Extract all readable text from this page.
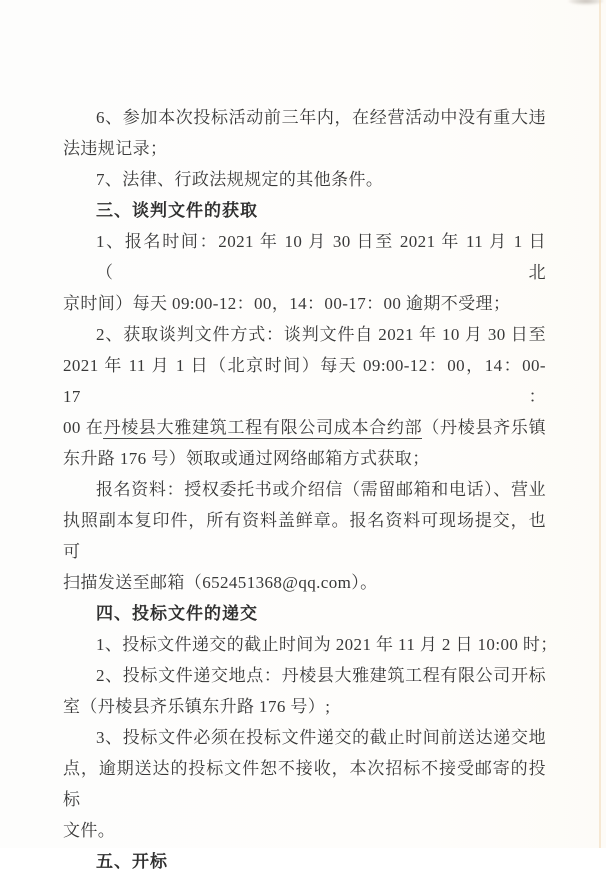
6、参加本次投标活动前三年内，在经营活动中没有重大违
法违规记录；
7、法律、行政法规规定的其他条件。
三、谈判文件的获取
1、报名时间：2021 年 10 月 30 日至 2021 年 11 月 1 日（北
京时间）每天 09:00-12：00，14：00-17：00 逾期不受理；
2、获取谈判文件方式：谈判文件自 2021 年 10 月 30 日至
2021 年 11 月 1 日（北京时间）每天 09:00-12：00，14：00-17：
00 在丹棱县大雅建筑工程有限公司成本合约部（丹棱县齐乐镇
东升路 176 号）领取或通过网络邮箱方式获取；
报名资料：授权委托书或介绍信（需留邮箱和电话）、营业
执照副本复印件，所有资料盖鲜章。报名资料可现场提交，也可
扫描发送至邮箱（652451368@qq.com）。
四、投标文件的递交
1、投标文件递交的截止时间为 2021 年 11 月 2 日 10:00 时；
2、投标文件递交地点：丹棱县大雅建筑工程有限公司开标
室（丹棱县齐乐镇东升路 176 号）;
3、投标文件必须在投标文件递交的截止时间前送达递交地
点，逾期送达的投标文件恕不接收，本次招标不接受邮寄的投标
文件。
五、开标
